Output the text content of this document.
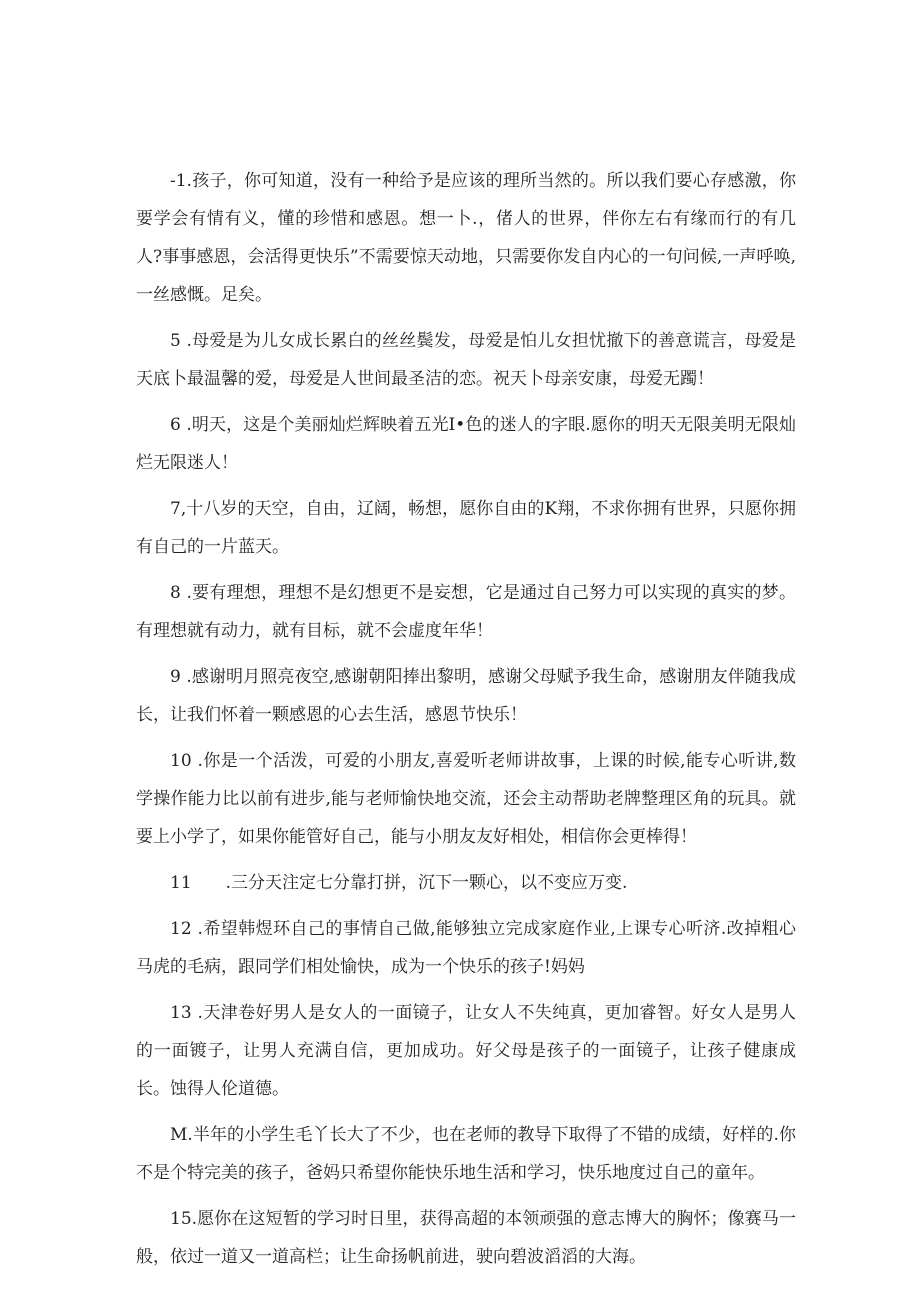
-1.孩子，你可知道，没有一种给予是应该的理所当然的。所以我们要心存感激，你要学会有情有义，懂的珍惜和感恩。想一卜.，偖人的世界，伴你左右有缘而行的有几人?事事感恩，会活得更快乐”不需要惊天动地，只需要你发自内心的一句问候,一声呼唤,一丝感慨。足矣。

5 .母爱是为儿女成长累白的丝丝鬓发，母爱是怕儿女担忧撤下的善意谎言，母爱是天底卜最温馨的爱，母爱是人世间最圣洁的恋。祝天卜母亲安康，母爱无躅！

6 .明天，这是个美丽灿烂辉映着五光I•色的迷人的字眼.愿你的明天无限美明无限灿烂无限迷人！

7,十八岁的天空，自由，辽阔，畅想，愿你自由的K翔，不求你拥有世界，只愿你拥有自己的一片蓝天。

8 .要有理想，理想不是幻想更不是妄想，它是通过自己努力可以实现的真实的梦。有理想就有动力，就有目标，就不会虚度年华！

9 .感谢明月照亮夜空,感谢朝阳捧出黎明，感谢父母赋予我生命，感谢朋友伴随我成长，让我们怀着一颗感恩的心去生活，感恩节快乐！

10 .你是一个活泼，可爱的小朋友,喜爱听老师讲故事，上课的时候,能专心听讲,数学操作能力比以前有进步,能与老师愉快地交流，还会主动帮助老牌整理区角的玩具。就要上小学了，如果你能管好自己，能与小朋友友好相处，相信你会更棒得！

11　　.三分天注定七分靠打拼，沉下一颗心，以不变应万变.

12 .希望韩煜环自己的事情自己做,能够独立完成家庭作业,上课专心听济.改掉粗心马虎的毛病，跟同学们相处愉快，成为一个快乐的孩子!妈妈

13 .天津卷好男人是女人的一面镜子，让女人不失纯真，更加睿智。好女人是男人的一面镀子，让男人充满自信，更加成功。好父母是孩子的一面镜子，让孩子健康成长。蚀得人伦道德。

M.半年的小学生毛丫长大了不少，也在老师的教导下取得了不错的成绩，好样的.你不是个特完美的孩子，爸妈只希望你能快乐地生活和学习，快乐地度过自己的童年。

15.愿你在这短暂的学习时日里，获得高超的本领顽强的意志博大的胸怀；像赛马一般，依过一道又一道高栏；让生命扬帆前进，驶向碧波滔滔的大海。
